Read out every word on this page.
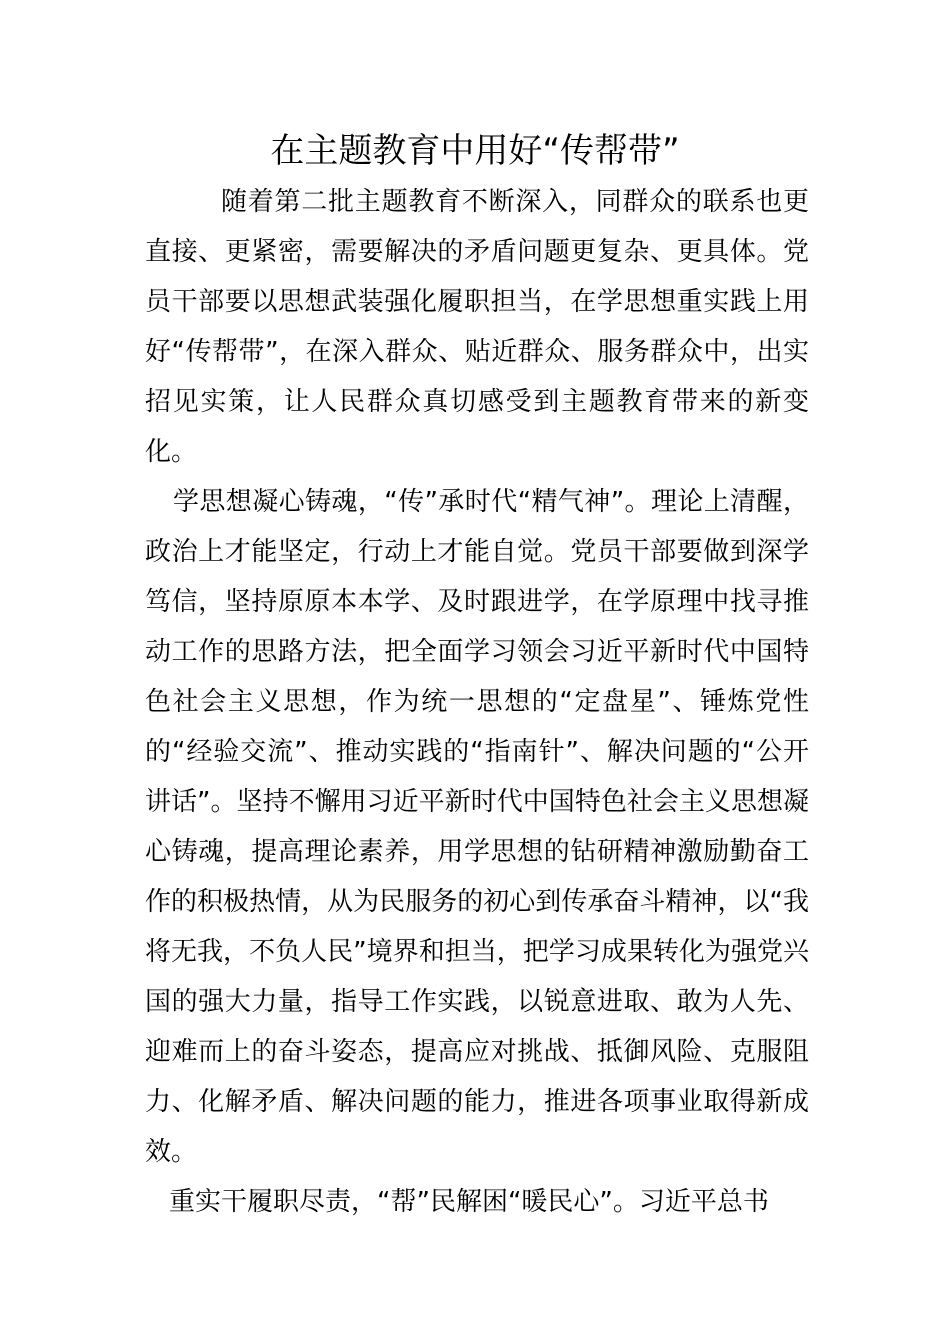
在主题教育中用好“传帮带”

随着第二批主题教育不断深入，同群众的联系也更直接、更紧密，需要解决的矛盾问题更复杂、更具体。党员干部要以思想武装强化履职担当，在学思想重实践上用好“传帮带”，在深入群众、贴近群众、服务群众中，出实招见实策，让人民群众真切感受到主题教育带来的新变化。

学思想凝心铸魂，“传”承时代“精气神”。理论上清醒，政治上才能坚定，行动上才能自觉。党员干部要做到深学笃信，坚持原原本本学、及时跟进学，在学原理中找寻推动工作的思路方法，把全面学习领会习近平新时代中国特色社会主义思想，作为统一思想的“定盘星”、锤炼党性的“经验交流”、推动实践的“指南针”、解决问题的“公开讲话”。坚持不懈用习近平新时代中国特色社会主义思想凝心铸魂，提高理论素养，用学思想的钻研精神激励勤奋工作的积极热情，从为民服务的初心到传承奋斗精神，以“我将无我，不负人民”境界和担当，把学习成果转化为强党兴国的强大力量，指导工作实践，以锐意进取、敢为人先、迎难而上的奋斗姿态，提高应对挑战、抵御风险、克服阻力、化解矛盾、解决问题的能力，推进各项事业取得新成效。

重实干履职尽责，“帮”民解困“暖民心”。习近平总书
